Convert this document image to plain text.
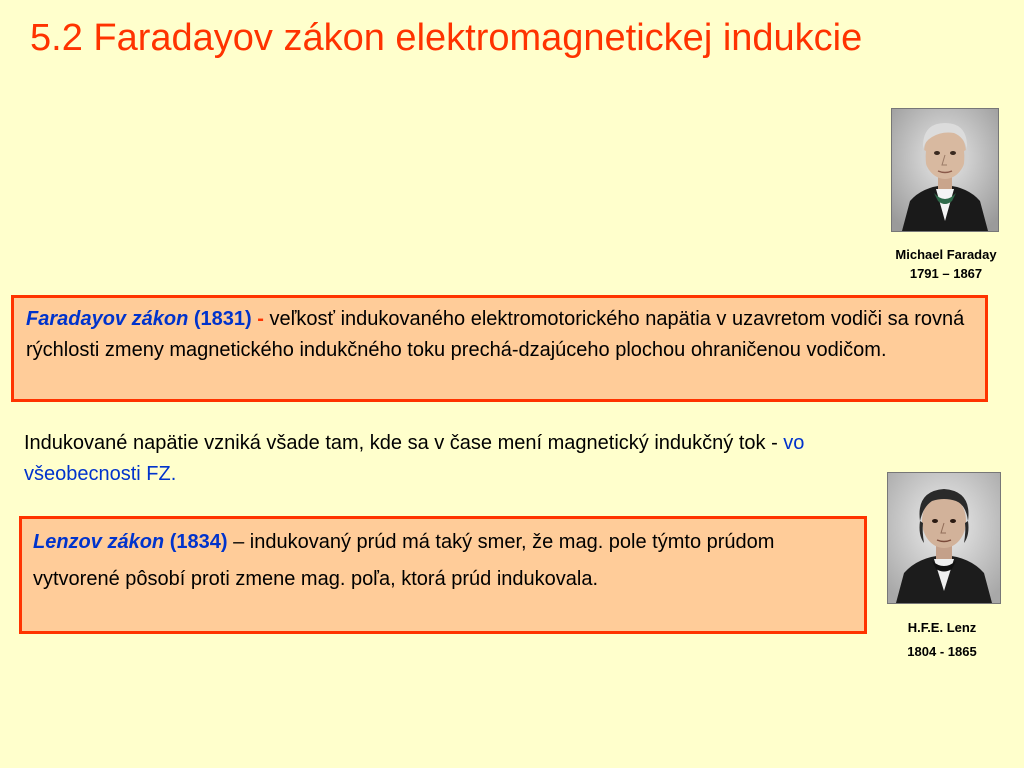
5.2 Faradayov zákon elektromagnetickej indukcie
Michael Faraday
1791 – 1867
Faradayov zákon (1831) - veľkosť indukovaného elektromotorického napätia v uzavretom vodiči sa rovná rýchlosti zmeny magnetického indukčného toku prechá-dzajúceho plochou ohraničenou vodičom.
Indukované napätie vzniká všade tam, kde sa v čase mení magnetický indukčný tok - vo všeobecnosti FZ.
Lenzov zákon (1834) – indukovaný prúd má taký smer, že mag. pole týmto prúdom vytvorené pôsobí proti zmene mag. poľa, ktorá prúd indukovala.
H.F.E. Lenz
1804 - 1865
